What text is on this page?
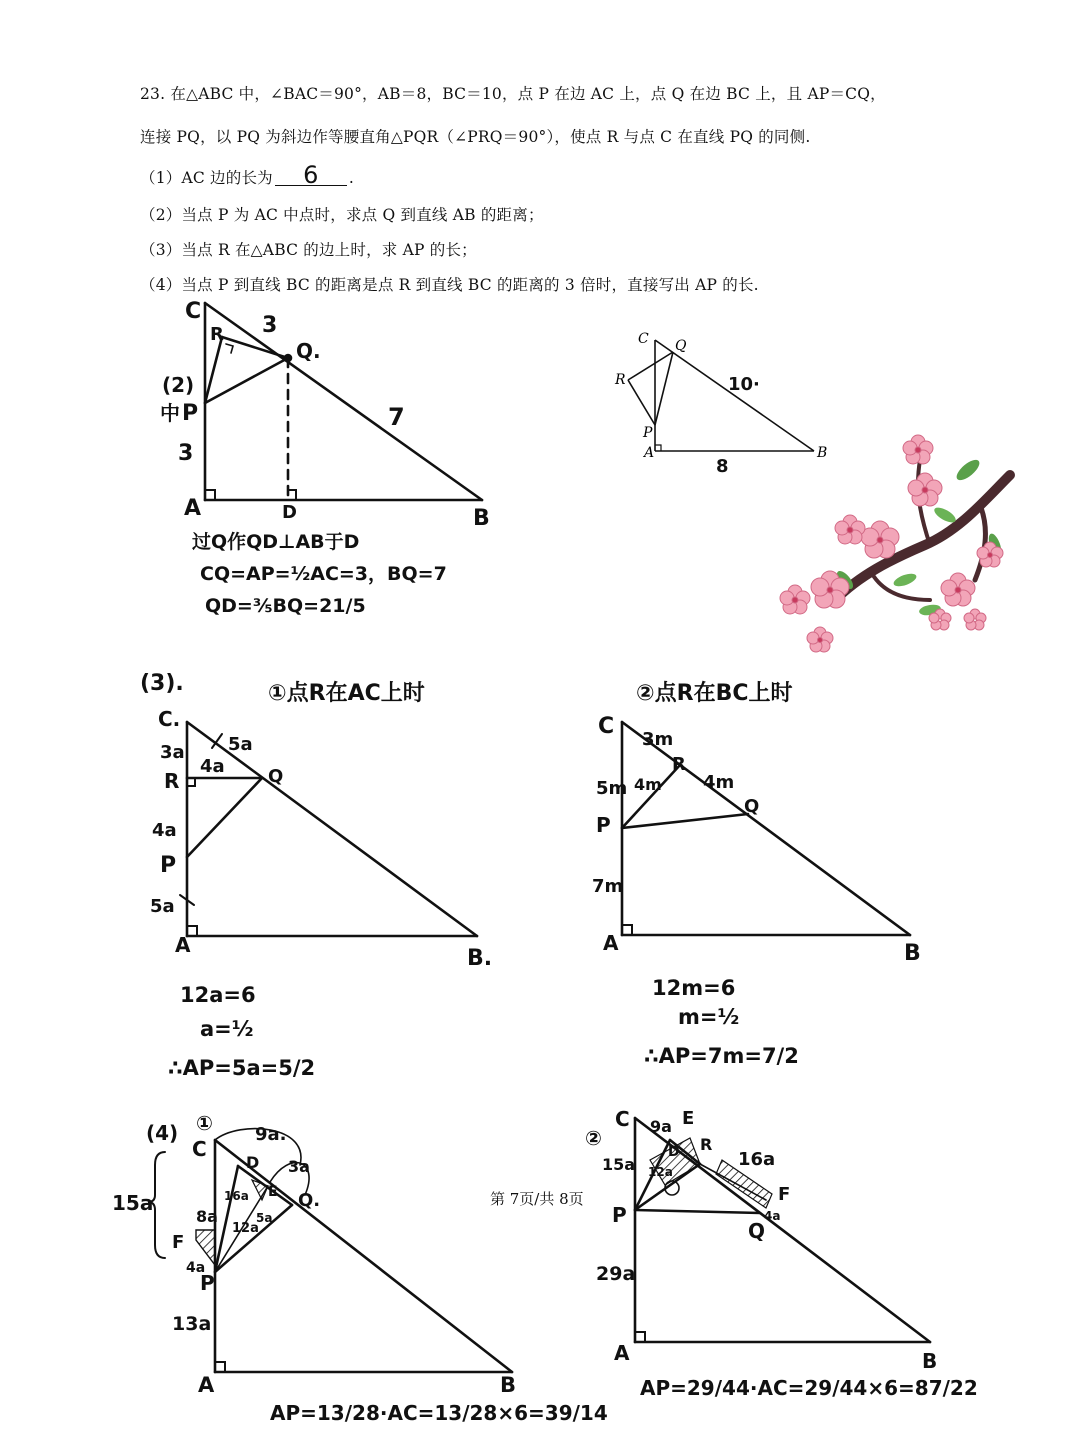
23. 在△ABC 中，∠BAC＝90°，AB＝8，BC＝10，点 P 在边 AC 上，点 Q 在边 BC 上，且 AP＝CQ，
连接 PQ，以 PQ 为斜边作等腰直角△PQR（∠PRQ＝90°），使点 R 与点 C 在直线 PQ 的同侧.
（1）AC 边的长为 6 .
（2）当点 P 为 AC 中点时，求点 Q 到直线 AB 的距离；
（3）当点 R 在△ABC 的边上时，求 AP 的长；
（4）当点 P 到直线 BC 的距离是点 R 到直线 BC 的距离的 3 倍时，直接写出 AP 的长.
C
R 3
Q.
(2)
中 P
3
7
A	D	B
过Q作QD⊥AB于D
CQ=AP=½AC=3，BQ=7
QD=⅗BQ=21/5
C Q
R
P
A	B
10·
8
(3).	①点R在AC上时
C.
3a 5a
4a
R	Q
4a
P
5a
A
B.
12a=6
a=½
∴AP=5a=5/2
②点R在BC上时
C
3m
4m
R
4m
Q
5m
P
7m
A	B
12m=6
m=½
∴AP=7m=7/2
(4) ①
C
9a.
D 3a
E Q.
15a
8a
16a
12a
5a
F
4a
P
13a
A	B
AP=13/28·AC=13/28×6=39/14
②
C 9a E
D R
12a
16a
15a
F
4a
P
Q
29a
A	B
AP=29/44·AC=29/44×6=87/22
第 7页/共 8页
